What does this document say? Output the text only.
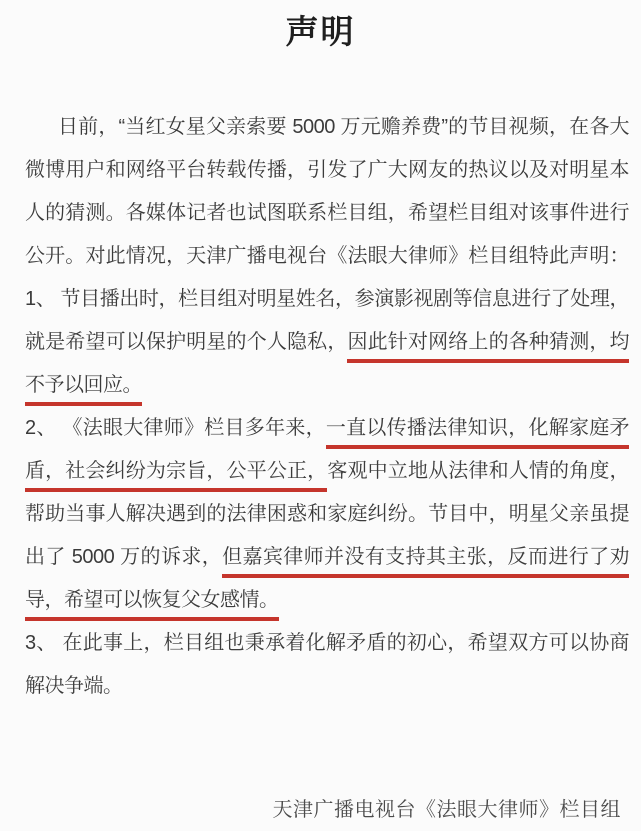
声明
日前，“当红女星父亲索要 5000 万元赡养费”的节目视频，在各大
微博用户和网络平台转载传播，引发了广大网友的热议以及对明星本
人的猜测。各媒体记者也试图联系栏目组，希望栏目组对该事件进行
公开。对此情况，天津广播电视台《法眼大律师》栏目组特此声明：
1、 节目播出时，栏目组对明星姓名，参演影视剧等信息进行了处理，
就是希望可以保护明星的个人隐私，因此针对网络上的各种猜测，均
不予以回应。
2、 《法眼大律师》栏目多年来，一直以传播法律知识，化解家庭矛
盾，社会纠纷为宗旨，公平公正，客观中立地从法律和人情的角度，
帮助当事人解决遇到的法律困惑和家庭纠纷。节目中，明星父亲虽提
出了 5000 万的诉求，但嘉宾律师并没有支持其主张，反而进行了劝
导，希望可以恢复父女感情。
3、 在此事上，栏目组也秉承着化解矛盾的初心，希望双方可以协商
解决争端。
天津广播电视台《法眼大律师》栏目组
